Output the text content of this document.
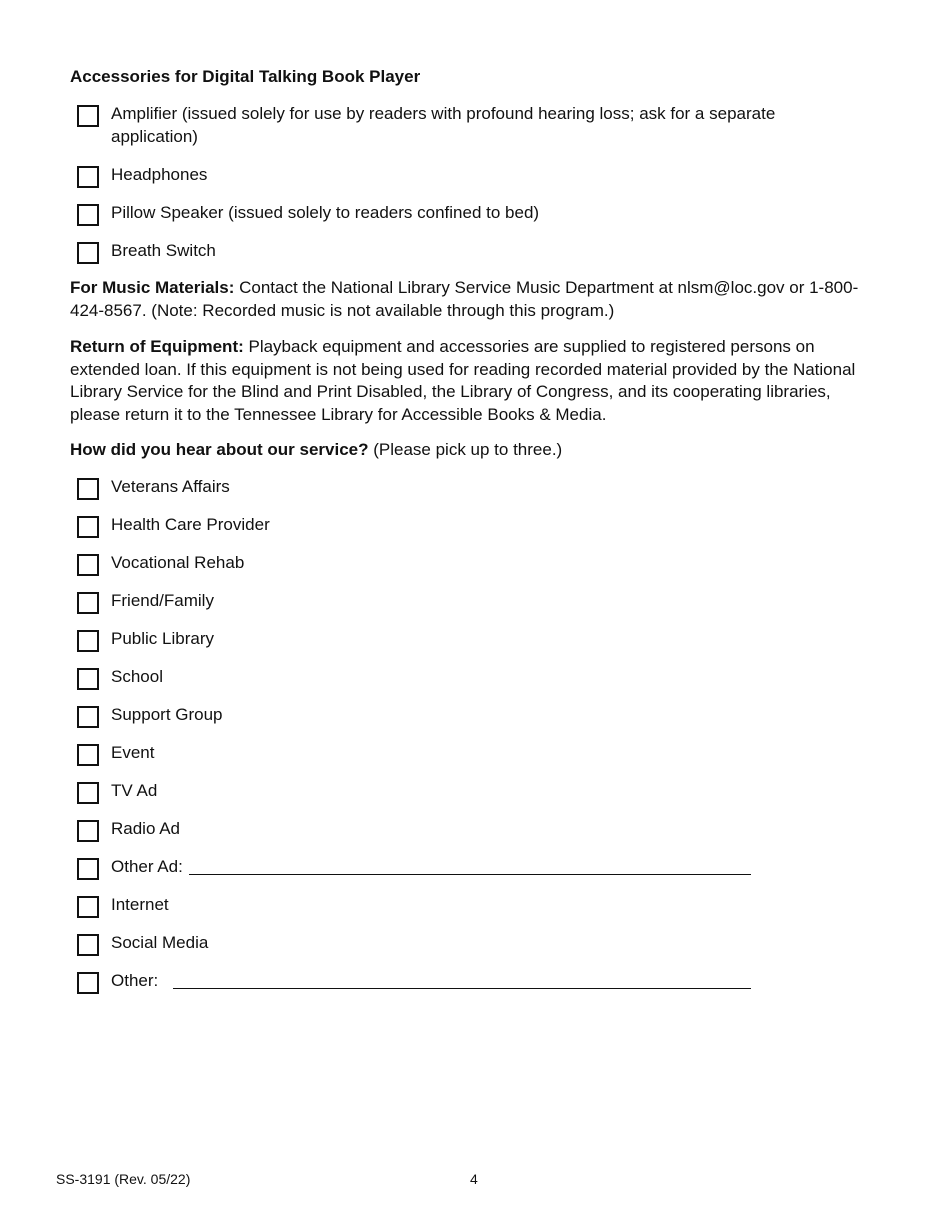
Accessories for Digital Talking Book Player
Amplifier (issued solely for use by readers with profound hearing loss; ask for a separate application)
Headphones
Pillow Speaker (issued solely to readers confined to bed)
Breath Switch
For Music Materials: Contact the National Library Service Music Department at nlsm@loc.gov or 1-800-424-8567. (Note: Recorded music is not available through this program.)
Return of Equipment: Playback equipment and accessories are supplied to registered persons on extended loan. If this equipment is not being used for reading recorded material provided by the National Library Service for the Blind and Print Disabled, the Library of Congress, and its cooperating libraries, please return it to the Tennessee Library for Accessible Books & Media.
How did you hear about our service? (Please pick up to three.)
Veterans Affairs
Health Care Provider
Vocational Rehab
Friend/Family
Public Library
School
Support Group
Event
TV Ad
Radio Ad
Other Ad:
Internet
Social Media
Other:
SS-3191 (Rev. 05/22)	4
